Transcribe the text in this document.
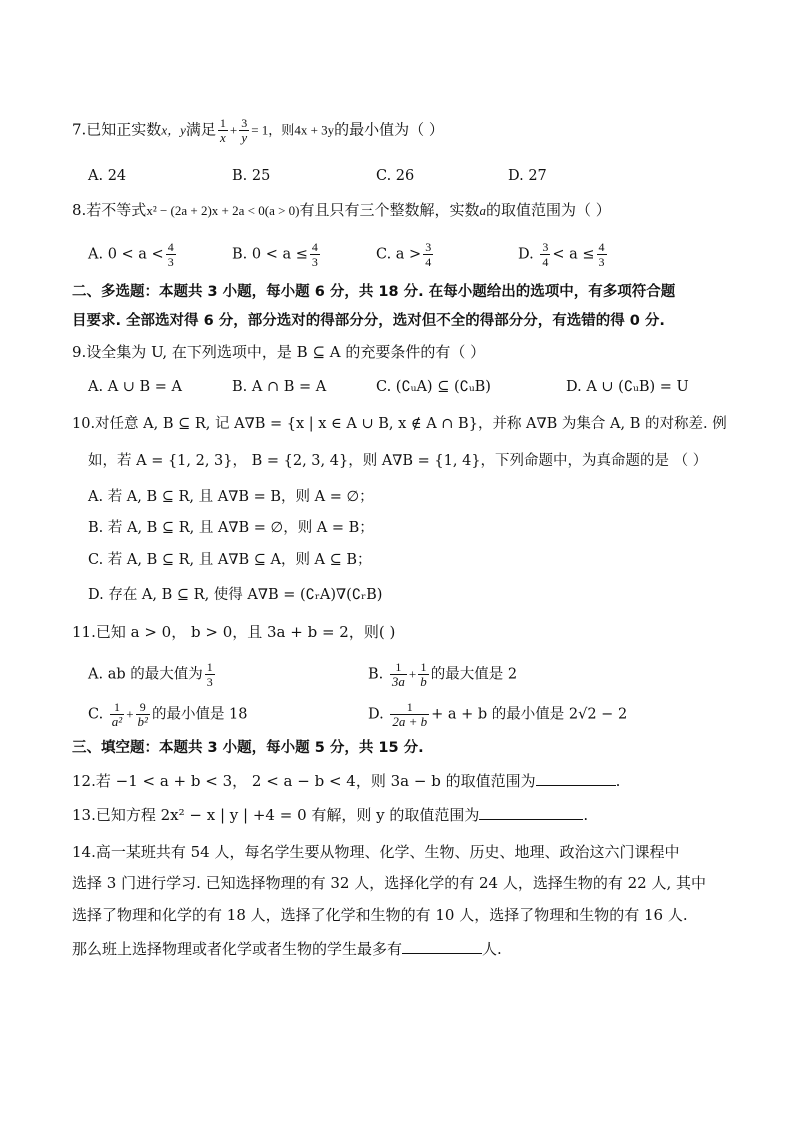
7.已知正实数x，y满足 $\frac{1}{x} + \frac{3}{y} = 1$，则4x + 3y的最小值为（ ）
A. 24	B. 25	C. 26	D. 27
8.若不等式x² − (2a + 2)x + 2a < 0(a > 0)有且只有三个整数解，实数a的取值范围为（ ）
A. $0 < a < \frac{4}{3}$	B. $0 < a \le \frac{4}{3}$	C. $a > \frac{3}{4}$	D. $\frac{3}{4} < a \le \frac{4}{3}$
二、多选题：本题共 3 小题，每小题 6 分，共 18 分. 在每小题给出的选项中，有多项符合题
目要求. 全部选对得 6 分，部分选对的得部分分，选对但不全的得部分分，有选错的得 0 分.
9.设全集为 U, 在下列选项中，是 B ⊆ A 的充要条件的有（ ）
A. A ∪ B = A	B. A ∩ B = A	C. (∁ᵤA) ⊆ (∁ᵤB)	D. A ∪ (∁ᵤB) = U
10.对任意 A, B ⊆ R, 记 A∇B = {x | x ∈ A ∪ B, x ∉ A ∩ B}，并称 A∇B 为集合 A, B 的对称差. 例
如，若 A = {1, 2, 3}， B = {2, 3, 4}，则 A∇B = {1, 4}，下列命题中，为真命题的是 （ ）
A. 若 A, B ⊆ R, 且 A∇B = B，则 A = ∅；
B. 若 A, B ⊆ R, 且 A∇B = ∅，则 A = B；
C. 若 A, B ⊆ R, 且 A∇B ⊆ A，则 A ⊆ B；
D. 存在 A, B ⊆ R, 使得 A∇B = (∁ᵣA)∇(∁ᵣB)
11.已知 a > 0， b > 0，且 3a + b = 2，则( )
A. ab 的最大值为 $\frac{1}{3}$	B. $\frac{1}{3a} + \frac{1}{b}$ 的最大值是 2
C. $\frac{1}{\text{a²}} + \frac{9}{\text{b²}}$ 的最小值是 18	D. $\frac{1}{2a + b} + a + b$ 的最小值是 2√2 − 2
三、填空题：本题共 3 小题，每小题 5 分，共 15 分.
12.若 −1 < a + b < 3， 2 < a − b < 4，则 3a − b 的取值范围为	.
13.已知方程 2x² − x | y | +4 = 0 有解，则 y 的取值范围为	.
14.高一某班共有 54 人，每名学生要从物理、化学、生物、历史、地理、政治这六门课程中
选择 3 门进行学习. 已知选择物理的有 32 人，选择化学的有 24 人，选择生物的有 22 人, 其中
选择了物理和化学的有 18 人，选择了化学和生物的有 10 人，选择了物理和生物的有 16 人.
那么班上选择物理或者化学或者生物的学生最多有	人.
